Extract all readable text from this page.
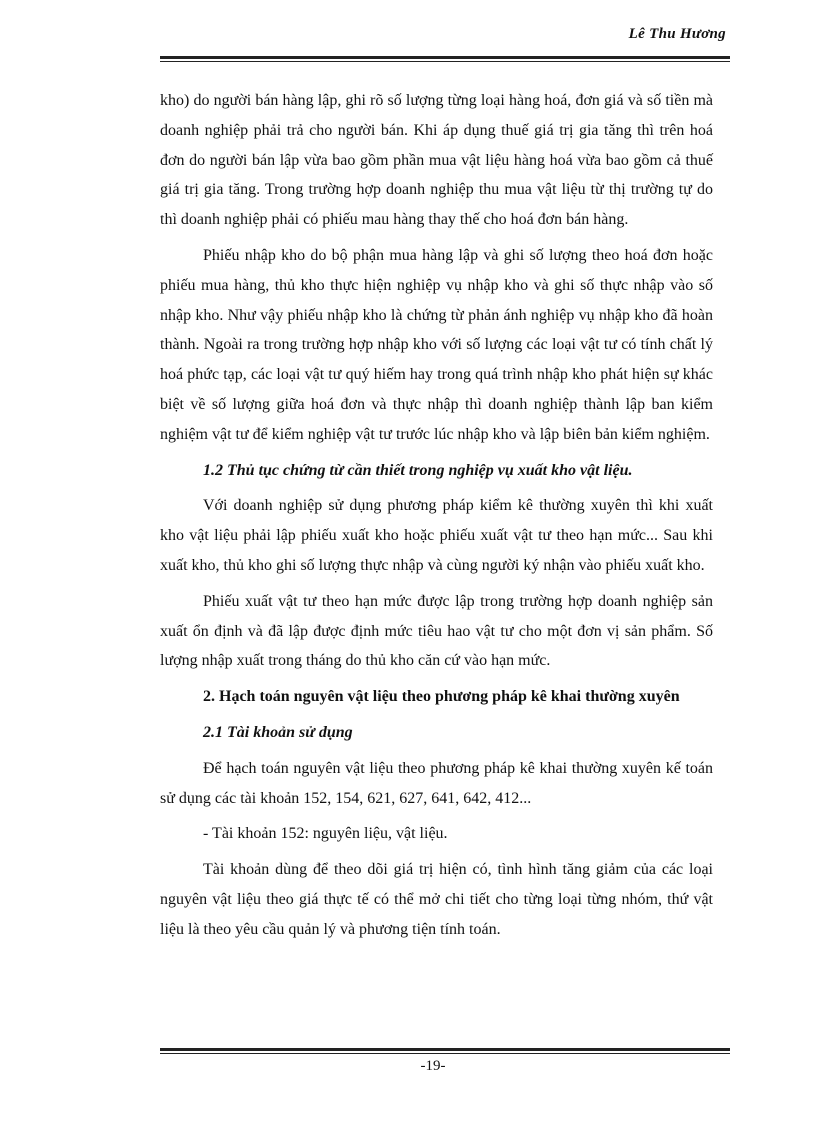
Lê Thu Hương

kho) do người bán hàng lập, ghi rõ số lượng từng loại hàng hoá, đơn giá và số tiền mà doanh nghiệp phải trả cho người bán. Khi áp dụng thuế giá trị gia tăng thì trên hoá đơn do người bán lập vừa bao gồm phần mua vật liệu hàng hoá vừa bao gồm cả thuế giá trị gia tăng. Trong trường hợp doanh nghiệp thu mua vật liệu từ thị trường tự do thì doanh nghiệp phải có phiếu mau hàng thay thế cho hoá đơn bán hàng.

Phiếu nhập kho do bộ phận mua hàng lập và ghi số lượng theo hoá đơn hoặc phiếu mua hàng, thủ kho thực hiện nghiệp vụ nhập kho và ghi số thực nhập vào số nhập kho. Như vậy phiếu nhập kho là chứng từ phản ánh nghiệp vụ nhập kho đã hoàn thành. Ngoài ra trong trường hợp nhập kho với số lượng các loại vật tư có tính chất lý hoá phức tạp, các loại vật tư quý hiếm hay trong quá trình nhập kho phát hiện sự khác biệt về số lượng giữa hoá đơn và thực nhập thì doanh nghiệp thành lập ban kiểm nghiệm vật tư để kiểm nghiệp vật tư trước lúc nhập kho và lập biên bản kiểm nghiệm.

1.2 Thủ tục chứng từ cần thiết trong nghiệp vụ xuất kho vật liệu.

Với doanh nghiệp sử dụng phương pháp kiểm kê thường xuyên thì khi xuất kho vật liệu phải lập phiếu xuất kho hoặc phiếu xuất vật tư theo hạn mức... Sau khi xuất kho, thủ kho ghi số lượng thực nhập và cùng người ký nhận vào phiếu xuất kho.

Phiếu xuất vật tư theo hạn mức được lập trong trường hợp doanh nghiệp sản xuất ổn định và đã lập được định mức tiêu hao vật tư cho một đơn vị sản phẩm. Số lượng nhập xuất trong tháng do thủ kho căn cứ vào hạn mức.

2. Hạch toán nguyên vật liệu theo phương pháp kê khai thường xuyên

2.1 Tài khoản sử dụng

Để hạch toán nguyên vật liệu theo phương pháp kê khai thường xuyên kế toán sử dụng các tài khoản 152, 154, 621, 627, 641, 642, 412...

- Tài khoản 152: nguyên liệu, vật liệu.

Tài khoản dùng để theo dõi giá trị hiện có, tình hình tăng giảm của các loại nguyên vật liệu theo giá thực tế có thể mở chi tiết cho từng loại từng nhóm, thứ vật liệu là theo yêu cầu quản lý và phương tiện tính toán.

-19-
